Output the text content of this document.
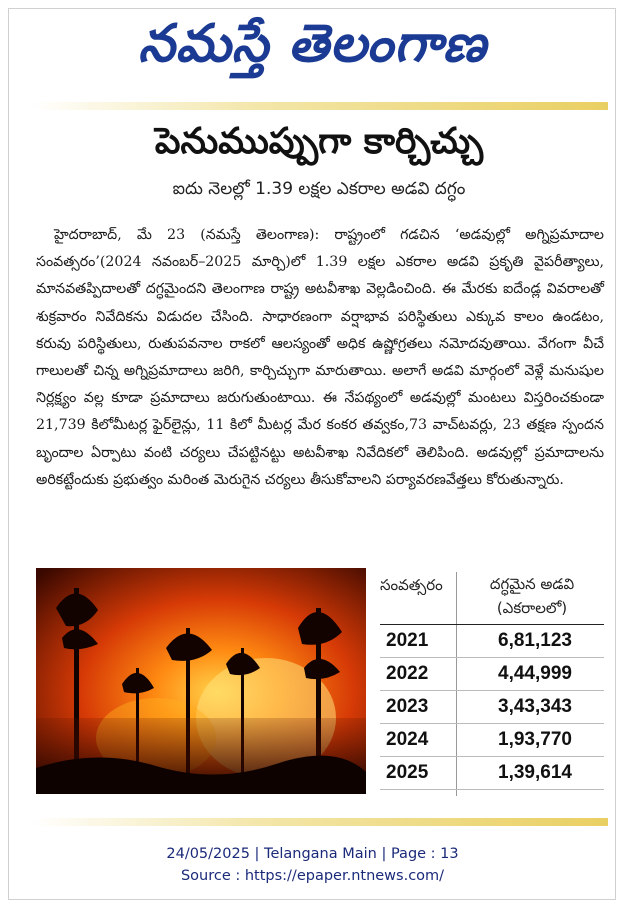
నమస్తే తెలంగాణ
పెనుముప్పుగా కార్చిచ్చు
ఐదు నెలల్లో 1.39 లక్షల ఎకరాల అడవి దగ్ధం
హైదరాబాద్, మే 23 (నమస్తే తెలంగాణ): రాష్ట్రంలో గడచిన ‘అడవుల్లో అగ్నిప్రమాదాల సంవత్సరం’(2024 నవంబర్–2025 మార్చి)లో 1.39 లక్షల ఎకరాల అడవి ప్రకృతి వైపరీత్యాలు, మానవతప్పిదాలతో దగ్ధమైందని తెలంగాణ రాష్ట్ర అటవీశాఖ వెల్లడించింది. ఈ మేరకు ఐదేండ్ల వివరాలతో శుక్రవారం నివేదికను విడుదల చేసింది. సాధారణంగా వర్షాభావ పరిస్థితులు ఎక్కువ కాలం ఉండటం, కరువు పరిస్థితులు, రుతుపవనాల రాకలో ఆలస్యంతో అధిక ఉష్ణోగ్రతలు నమోదవుతాయి. వేగంగా వీచే గాలులతో చిన్న అగ్నిప్రమాదాలు జరిగి, కార్చిచ్చుగా మారుతాయి. అలాగే అడవి మార్గంలో వెళ్లే మనుషుల నిర్లక్ష్యం వల్ల కూడా ప్రమాదాలు జరుగుతుంటాయి. ఈ నేపథ్యంలో అడవుల్లో మంటలు విస్తరించకుండా 21,739 కిలోమీటర్ల ఫైర్‌లైన్లు, 11 కిలో మీటర్ల మేర కంకర తవ్వకం,73 వాచ్‌టవర్లు, 23 తక్షణ స్పందన బృందాల ఏర్పాటు వంటి చర్యలు చేపట్టినట్టు అటవీశాఖ నివేదికలో తెలిపింది. అడవుల్లో ప్రమాదాలను అరికట్టేందుకు ప్రభుత్వం మరింత మెరుగైన చర్యలు తీసుకోవాలని పర్యావరణవేత్తలు కోరుతున్నారు.
సంవత్సరం	దగ్ధమైన అడవి
(ఎకరాలలో)
2021	6,81,123
2022	4,44,999
2023	3,43,343
2024	1,93,770
2025	1,39,614
24/05/2025 | Telangana Main | Page : 13
Source : https://epaper.ntnews.com/
